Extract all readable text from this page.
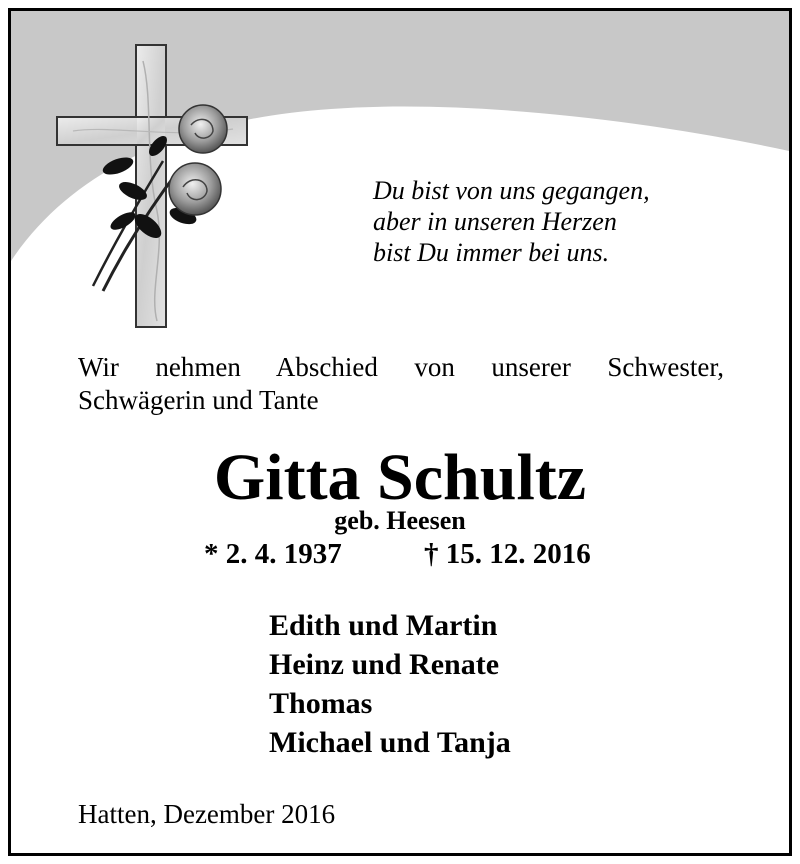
Du bist von uns gegangen,
aber in unseren Herzen
bist Du immer bei uns.
Wir nehmen Abschied von unserer Schwester,
Schwägerin und Tante
Gitta Schultz
geb. Heesen
* 2. 4. 1937	† 15. 12. 2016
Edith und Martin
Heinz und Renate
Thomas
Michael und Tanja
Hatten, Dezember 2016
